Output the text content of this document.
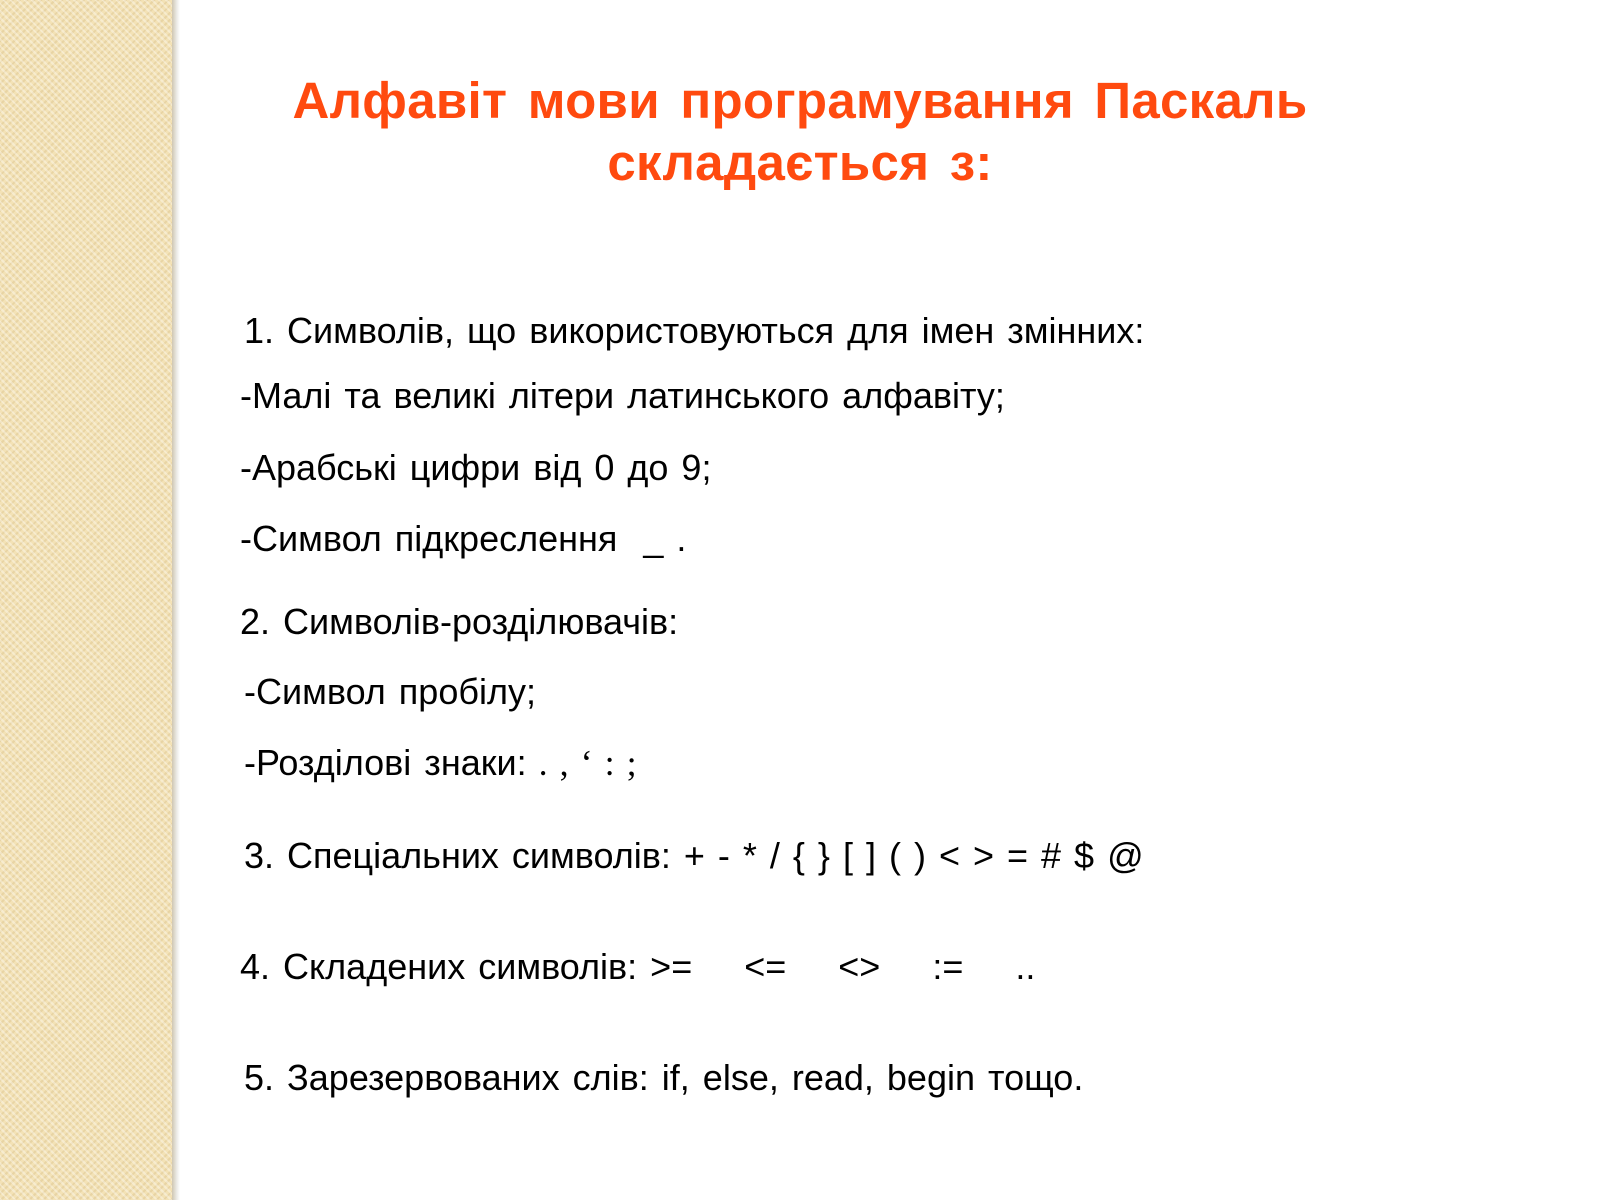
Алфавіт мови програмування Паскаль складається з:
1. Символів, що використовуються для імен змінних:
-Малі та великі літери латинського алфавіту;
-Арабські цифри від 0 до 9;
-Символ підкреслення  _ .
2. Символів-розділювачів:
-Символ пробілу;
-Розділові знаки: . , ‘ : ;
3. Спеціальних символів: + - * / { } [ ] ( ) < > = # $ @
4. Складених символів: >=    <=    <>    :=    ..
5. Зарезервованих слів: if, else, read, begin тощо.
